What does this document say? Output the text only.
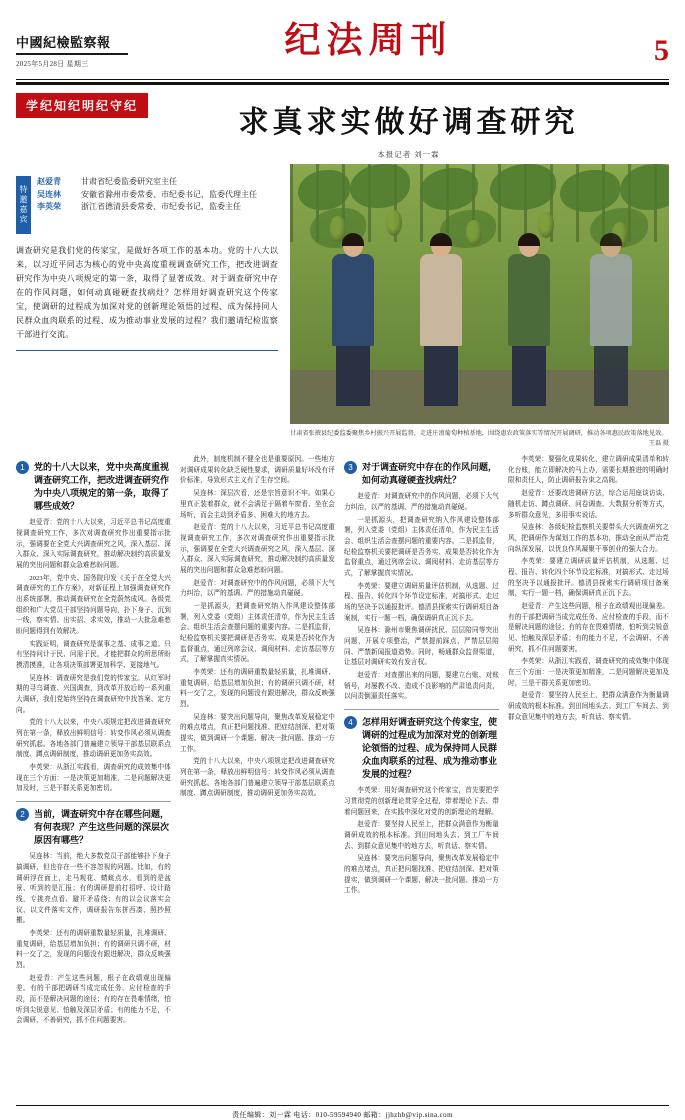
中國紀檢監察報
2025年5月28日 星期三
纪法周刊	5
学纪知纪明纪守纪	求真求实做好调查研究
本报记者 刘一霖
特邀嘉宾
赵爱青	甘肃省纪委监委研究室主任
吴连林	安徽省滁州市委常委、市纪委书记，监委代理主任
李英荣	浙江省德清县委常委、市纪委书记，监委主任
调查研究是我们党的传家宝，是做好各项工作的基本功。党的十八大以来，以习近平同志为核心的党中央高度重视调查研究工作，把改进调查研究作为中央八项规定的第一条，取得了显著成效。对于调查研究中存在的作风问题，如何动真碰硬查找病灶？怎样用好调查研究这个传家宝，使调研的过程成为加深对党的创新理论领悟的过程、成为保持同人民群众血肉联系的过程、成为推动事业发展的过程？我们邀请纪检监察干部进行交流。
甘肃省张掖县纪委监委聚焦乡村振兴开展监督，走进庄浪葡萄种植基地，围绕惠农政策落实等情况开展调研，推动各项惠民政策落地见效。
王磊 摄
1	党的十八大以来，党中央高度重视调查研究工作，把改进调查研究作为中央八项规定的第一条，取得了哪些成效？

赵爱青：党的十八大以来，习近平总书记高度重视调查研究工作，多次对调查研究作出重要指示批示，强调要在全党大兴调查研究之风，深入基层、深入群众、深入实际调查研究，推动解决制约高质量发展的突出问题和群众急难愁盼问题。

2023年，党中央、国务院印发《关于在全党大兴调查研究的工作方案》，对新征程上加强调查研究作出系统部署，推动调查研究在全党蔚然成风。各级党组织和广大党员干部坚持问题导向，扑下身子、沉到一线，察实情、出实招、求实效，推动一大批急难愁盼问题得到有效解决。

实践证明，调查研究是谋事之基、成事之道。只有坚持问计于民、问需于民，才能把群众的所思所盼摸清摸准，让各项决策部署更加科学、更接地气。

吴连林：调查研究是我们党的传家宝。从红军时期的寻乌调查、兴国调查，到改革开放后的一系列重大调研，我们党始终坚持在调查研究中找答案、定方向。

党的十八大以来，中央八项规定把改进调查研究列在第一条，释放出鲜明信号：转变作风必须从调查研究抓起。各地各部门普遍建立领导干部基层联系点制度、蹲点调研制度，推动调研更加务实高效。

李英荣：从浙江实践看，调查研究的成效集中体现在三个方面：一是决策更加精准，二是问题解决更加及时，三是干群关系更加密切。

2	当前，调查研究中存在哪些问题，有何表现？产生这些问题的深层次原因有哪些？

吴连林：当前，绝大多数党员干部能够扑下身子搞调研，但也存在一些不容忽视的问题。比如，有的调研浮在面上，走马观花、蜻蜓点水，看到的是盆景、听到的是汇报；有的调研提前打招呼、设计路线，专挑亮点看、避开矛盾绕；有的以会议落实会议、以文件落实文件，调研报告东拼西凑、照抄照搬。

李英荣：还有的调研重数量轻质量，扎堆调研、重复调研，给基层增加负担；有的调研只调不研，材料一交了之，发现的问题没有跟进解决，群众反映强烈。

赵爱青：产生这些问题，根子在政绩观出现偏差。有的干部把调研当成完成任务、应付检查的手段，而不是解决问题的途径；有的存在畏难情绪，怕听到尖锐意见、怕触及深层矛盾；有的能力不足，不会调研、不善研究，抓不住问题要害。

此外，制度机制不健全也是重要原因。一些地方对调研成果转化缺乏硬性要求，调研质量好坏没有评价标准，导致形式主义有了生存空间。

吴连林：深层次看，还是宗旨意识不牢。如果心里真正装着群众，就不会满足于隔着车窗看、坐在会场听，而会主动到矛盾多、困难大的地方去。

赵爱青：党的十八大以来，习近平总书记高度重视调查研究工作，多次对调查研究作出重要指示批示，强调要在全党大兴调查研究之风，深入基层、深入群众、深入实际调查研究，推动解决制约高质量发展的突出问题和群众急难愁盼问题。

赵爱青：对调查研究中的作风问题，必须下大气力纠治，以严的基调、严的措施动真碰硬。

一是抓源头，把调查研究纳入作风建设整体部署，列入党委（党组）主体责任清单，作为民主生活会、组织生活会查摆问题的重要内容。二是抓监督，纪检监察机关要把调研是否务实、成果是否转化作为监督重点，通过列席会议、调阅材料、走访基层等方式，了解掌握真实情况。

李英荣：还有的调研重数量轻质量，扎堆调研、重复调研，给基层增加负担；有的调研只调不研，材料一交了之，发现的问题没有跟进解决，群众反映强烈。

吴连林：要突出问题导向，聚焦改革发展稳定中的难点堵点，真正把问题找准、把症结剖深、把对策提实，做到调研一个课题、解决一批问题、推动一方工作。

党的十八大以来，中央八项规定把改进调查研究列在第一条，释放出鲜明信号：转变作风必须从调查研究抓起。各地各部门普遍建立领导干部基层联系点制度、蹲点调研制度，推动调研更加务实高效。

3	对于调查研究中存在的作风问题，如何动真碰硬查找病灶？

赵爱青：对调查研究中的作风问题，必须下大气力纠治，以严的基调、严的措施动真碰硬。

一是抓源头，把调查研究纳入作风建设整体部署，列入党委（党组）主体责任清单，作为民主生活会、组织生活会查摆问题的重要内容。二是抓监督，纪检监察机关要把调研是否务实、成果是否转化作为监督重点，通过列席会议、调阅材料、走访基层等方式，了解掌握真实情况。

李英荣：要建立调研质量评估机制，从选题、过程、报告、转化四个环节设定标准，对搞形式、走过场的坚决予以通报批评。德清县探索实行调研项目备案制，实行一题一档，确保调研真正沉下去。

吴连林：滁州市聚焦调研扰民、层层陪同等突出问题，开展专项整治，严禁提前踩点、严禁层层陪同、严禁新闻报道造势。同时，畅通群众监督渠道，让基层对调研实效有发言权。

赵爱青：对查摆出来的问题，要建立台账、对账销号，对屡教不改、造成不良影响的严肃追责问责，以问责倒逼责任落实。

4	怎样用好调查研究这个传家宝，使调研的过程成为加深对党的创新理论领悟的过程、成为保持同人民群众血肉联系的过程、成为推动事业发展的过程？

李英荣：用好调查研究这个传家宝，首先要把学习贯彻党的创新理论贯穿全过程，带着理论下去、带着问题回来，在实践中深化对党的创新理论的理解。

赵爱青：要坚持人民至上，把群众满意作为衡量调研成效的根本标准。到田间地头去、到工厂车间去、到群众意见集中的地方去，听真话、察实情。

吴连林：要突出问题导向，聚焦改革发展稳定中的难点堵点，真正把问题找准、把症结剖深、把对策提实，做到调研一个课题、解决一批问题、推动一方工作。

李英荣：要强化成果转化，建立调研成果清单和转化台账，能立即解决的马上办，需要长期推进的明确时限和责任人，防止调研报告束之高阁。

赵爱青：还要改进调研方法，综合运用座谈访谈、随机走访、蹲点调研、问卷调查、大数据分析等方式，多听群众意见，多用事实说话。

吴连林：各级纪检监察机关要带头大兴调查研究之风，把调研作为谋划工作的基本功，推动全面从严治党向纵深发展，以优良作风凝聚干事创业的强大合力。

李英荣：要建立调研质量评估机制，从选题、过程、报告、转化四个环节设定标准，对搞形式、走过场的坚决予以通报批评。德清县探索实行调研项目备案制，实行一题一档，确保调研真正沉下去。

赵爱青：产生这些问题，根子在政绩观出现偏差。有的干部把调研当成完成任务、应付检查的手段，而不是解决问题的途径；有的存在畏难情绪，怕听到尖锐意见、怕触及深层矛盾；有的能力不足，不会调研、不善研究，抓不住问题要害。

李英荣：从浙江实践看，调查研究的成效集中体现在三个方面：一是决策更加精准，二是问题解决更加及时，三是干群关系更加密切。

赵爱青：要坚持人民至上，把群众满意作为衡量调研成效的根本标准。到田间地头去、到工厂车间去、到群众意见集中的地方去，听真话、察实情。

责任编辑：刘一霖 电话：010-59594940 邮箱：jjhzhb@vip.sina.com
